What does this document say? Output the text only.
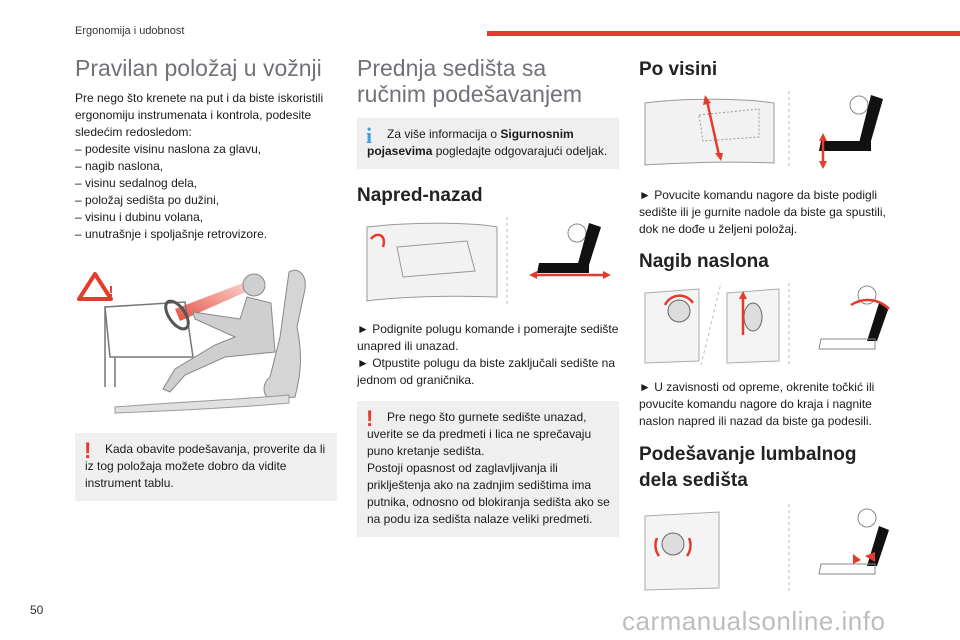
Ergonomija i udobnost
Pravilan položaj u vožnji

Pre nego što krenete na put i da biste iskoristili ergonomiju instrumenata i kontrola, podesite sledećim redosledom:

– podesite visinu naslona za glavu,
– nagib naslona,
– visinu sedalnog dela,
– položaj sedišta po dužini,
– visinu i dubinu volana,
– unutrašnje i spoljašnje retrovizore.
!
! Kada obavite podešavanja, proverite da li iz tog položaja možete dobro da vidite instrument tablu.
Prednja sedišta sa ručnim podešavanjem
i Za više informacija o Sigurnosnim pojasevima pogledajte odgovarajući odeljak.
Napred-nazad

► Podignite polugu komande i pomerajte sedište unapred ili unazad.

► Otpustite polugu da biste zaključali sedište na jednom od graničnika.

! Pre nego što gurnete sedište unazad, uverite se da predmeti i lica ne sprečavaju puno kretanje sedišta.
Postoji opasnost od zaglavljivanja ili priklještenja ako na zadnjim sedištima ima putnika, odnosno od blokiranja sedišta ako se na podu iza sedišta nalaze veliki predmeti.
Po visini

► Povucite komandu nagore da biste podigli sedište ili je gurnite nadole da biste ga spustili, dok ne dođe u željeni položaj.

Nagib naslona

► U zavisnosti od opreme, okrenite točkić ili povucite komandu nagore do kraja i nagnite naslon napred ili nazad da biste ga podesili.

Podešavanje lumbalnog dela sedišta
50	carmanualsonline.info
